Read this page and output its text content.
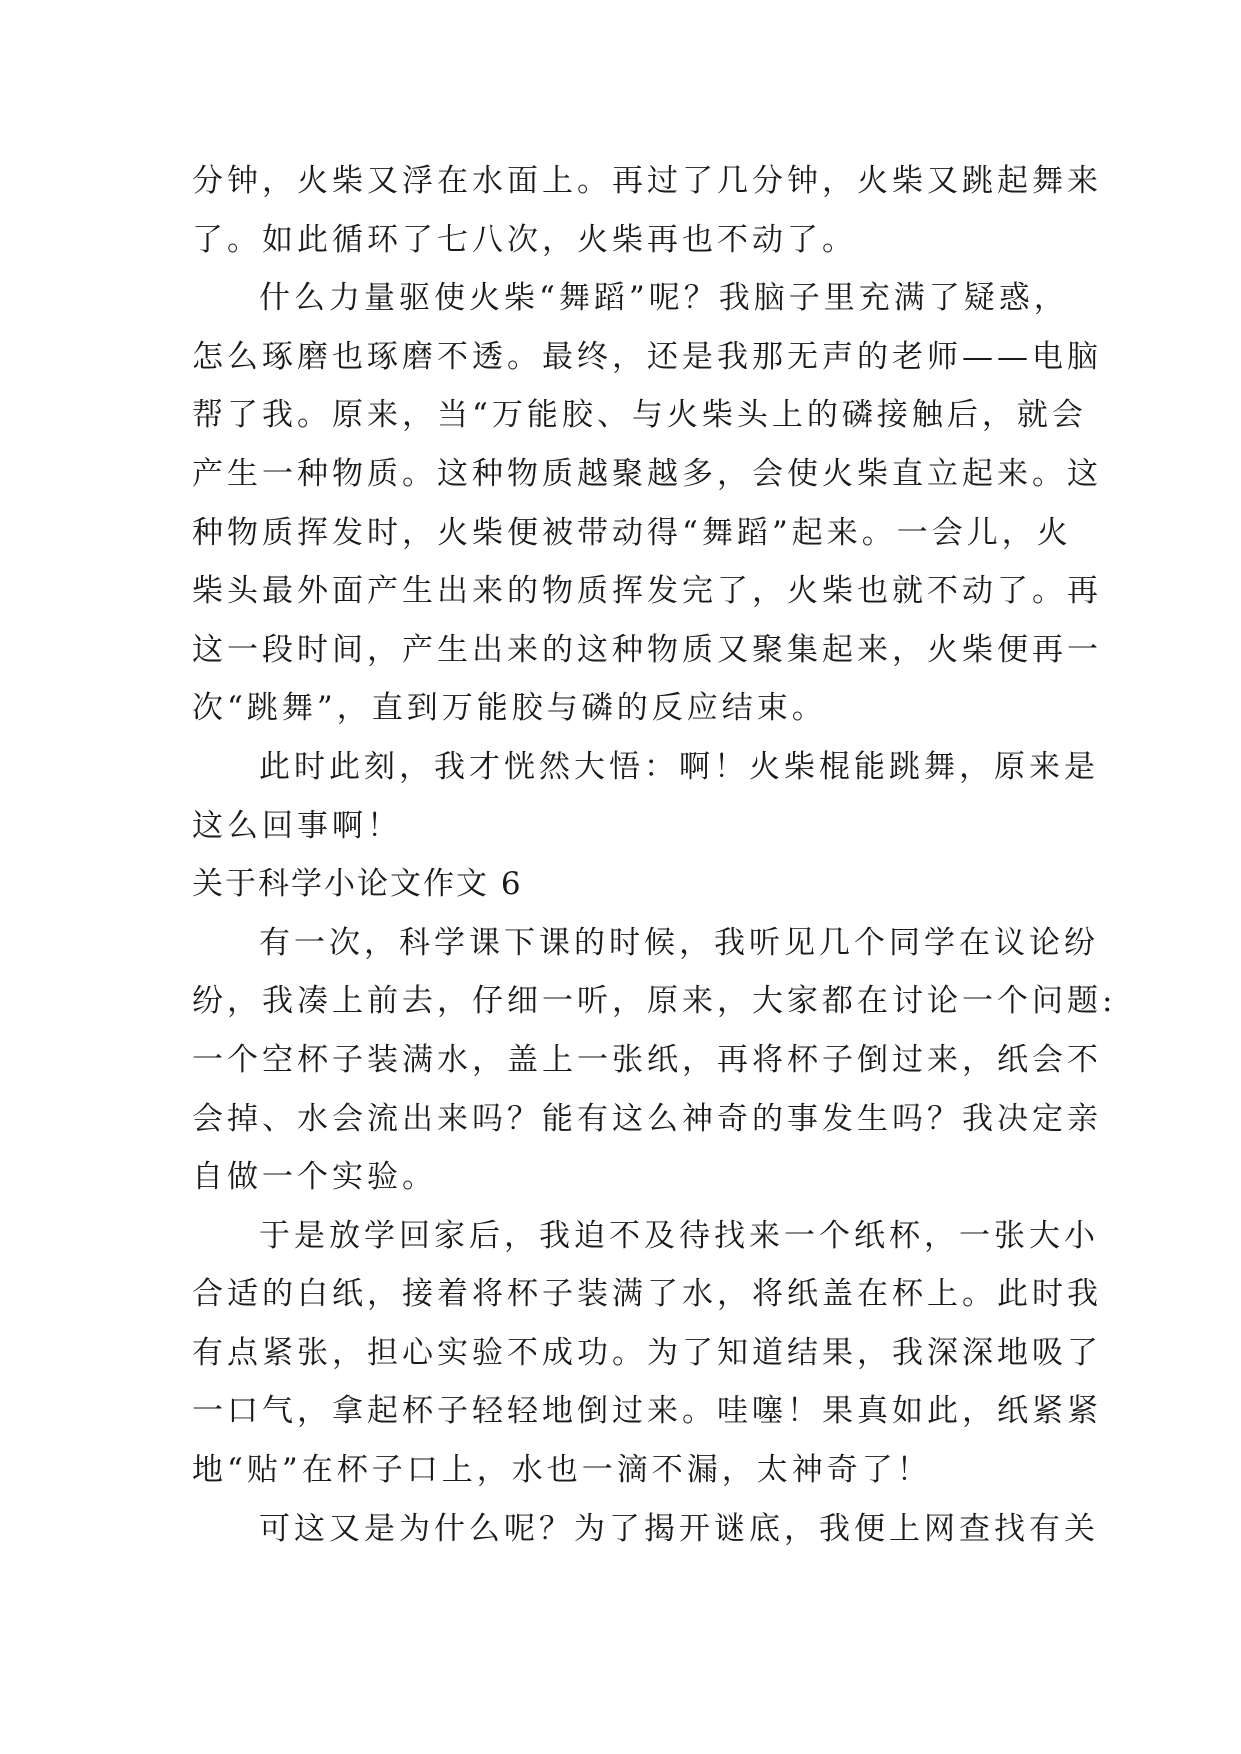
分钟，火柴又浮在水面上。再过了几分钟，火柴又跳起舞来
了。如此循环了七八次，火柴再也不动了。
什么力量驱使火柴“舞蹈”呢？我脑子里充满了疑惑，
怎么琢磨也琢磨不透。最终，还是我那无声的老师——电脑
帮了我。原来，当“万能胶、与火柴头上的磷接触后，就会
产生一种物质。这种物质越聚越多，会使火柴直立起来。这
种物质挥发时，火柴便被带动得“舞蹈”起来。一会儿，火
柴头最外面产生出来的物质挥发完了，火柴也就不动了。再
这一段时间，产生出来的这种物质又聚集起来，火柴便再一
次“跳舞”，直到万能胶与磷的反应结束。
此时此刻，我才恍然大悟：啊！火柴棍能跳舞，原来是
这么回事啊！
关于科学小论文作文 6
有一次，科学课下课的时候，我听见几个同学在议论纷
纷，我凑上前去，仔细一听，原来，大家都在讨论一个问题:
一个空杯子装满水，盖上一张纸，再将杯子倒过来，纸会不
会掉、水会流出来吗？能有这么神奇的事发生吗？我决定亲
自做一个实验。
于是放学回家后，我迫不及待找来一个纸杯，一张大小
合适的白纸，接着将杯子装满了水，将纸盖在杯上。此时我
有点紧张，担心实验不成功。为了知道结果，我深深地吸了
一口气，拿起杯子轻轻地倒过来。哇噻！果真如此，纸紧紧
地“贴”在杯子口上，水也一滴不漏，太神奇了！
可这又是为什么呢？为了揭开谜底，我便上网查找有关
